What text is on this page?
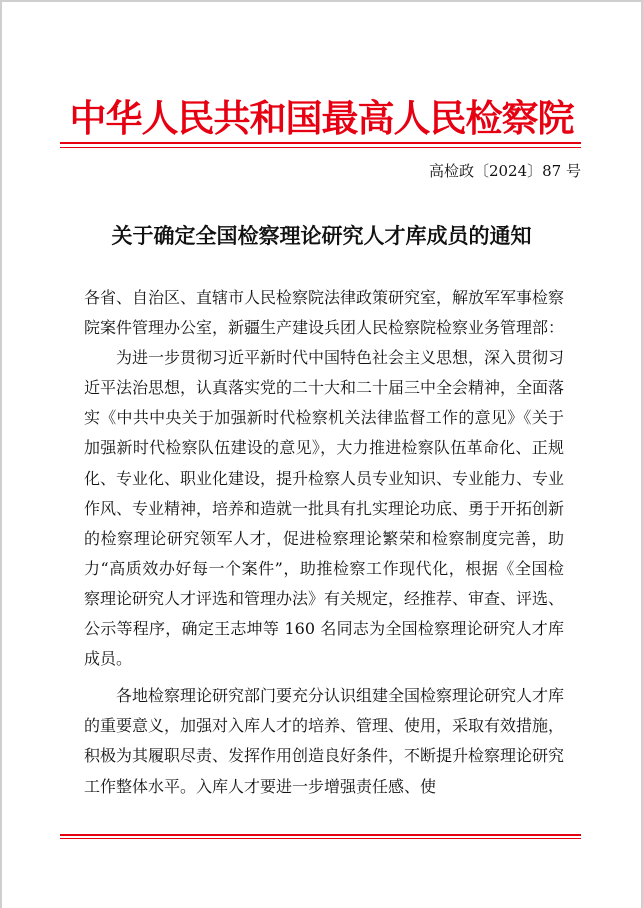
中华人民共和国最高人民检察院
高检政〔2024〕87 号
关于确定全国检察理论研究人才库成员的通知

各省、自治区、直辖市人民检察院法律政策研究室，解放军军事检察院案件管理办公室，新疆生产建设兵团人民检察院检察业务管理部：

为进一步贯彻习近平新时代中国特色社会主义思想，深入贯彻习近平法治思想，认真落实党的二十大和二十届三中全会精神，全面落实《中共中央关于加强新时代检察机关法律监督工作的意见》《关于加强新时代检察队伍建设的意见》，大力推进检察队伍革命化、正规化、专业化、职业化建设，提升检察人员专业知识、专业能力、专业作风、专业精神，培养和造就一批具有扎实理论功底、勇于开拓创新的检察理论研究领军人才，促进检察理论繁荣和检察制度完善，助力“高质效办好每一个案件”，助推检察工作现代化，根据《全国检察理论研究人才评选和管理办法》有关规定，经推荐、审查、评选、公示等程序，确定王志坤等 160 名同志为全国检察理论研究人才库成员。

各地检察理论研究部门要充分认识组建全国检察理论研究人才库的重要意义，加强对入库人才的培养、管理、使用，采取有效措施，积极为其履职尽责、发挥作用创造良好条件，不断提升检察理论研究工作整体水平。入库人才要进一步增强责任感、使
